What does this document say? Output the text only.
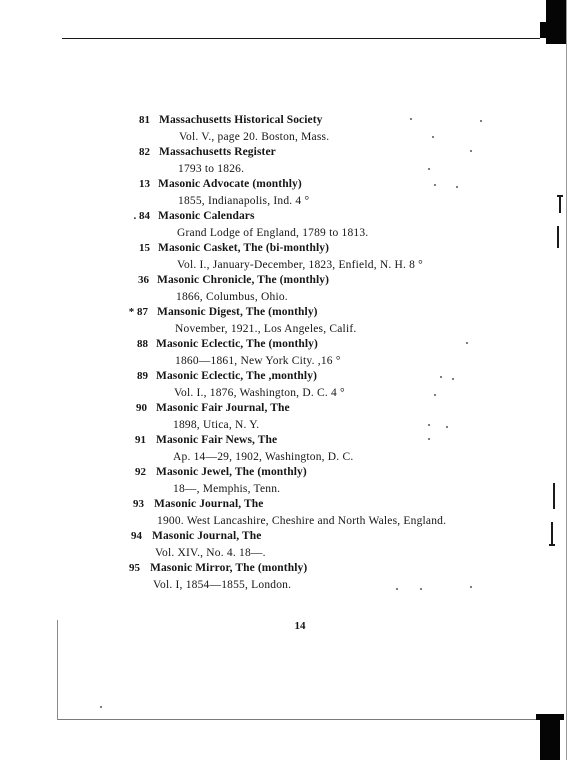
81 Massachusetts Historical Society
Vol. V., page 20. Boston, Mass.
82 Massachusetts Register
1793 to 1826.
13 Masonic Advocate (monthly)
1855, Indianapolis, Ind. 4 °
. 84 Masonic Calendars
Grand Lodge of England, 1789 to 1813.
15 Masonic Casket, The (bi-monthly)
Vol. I., January-December, 1823, Enfield, N. H. 8 °
36 Masonic Chronicle, The (monthly)
1866, Columbus, Ohio.
* 87 Mansonic Digest, The (monthly)
November, 1921., Los Angeles, Calif.
88 Masonic Eclectic, The (monthly)
1860—1861, New York City. ,16 °
89 Masonic Eclectic, The ,monthly)
Vol. I., 1876, Washington, D. C. 4 °
90 Masonic Fair Journal, The
1898, Utica, N. Y.
91 Masonic Fair News, The
Ap. 14—29, 1902, Washington, D. C.
92 Masonic Jewel, The (monthly)
18—, Memphis, Tenn.
93 Masonic Journal, The
1900. West Lancashire, Cheshire and North Wales, England.
94 Masonic Journal, The
Vol. XIV., No. 4. 18—.
95 Masonic Mirror, The (monthly)
Vol. I, 1854—1855, London.
14
